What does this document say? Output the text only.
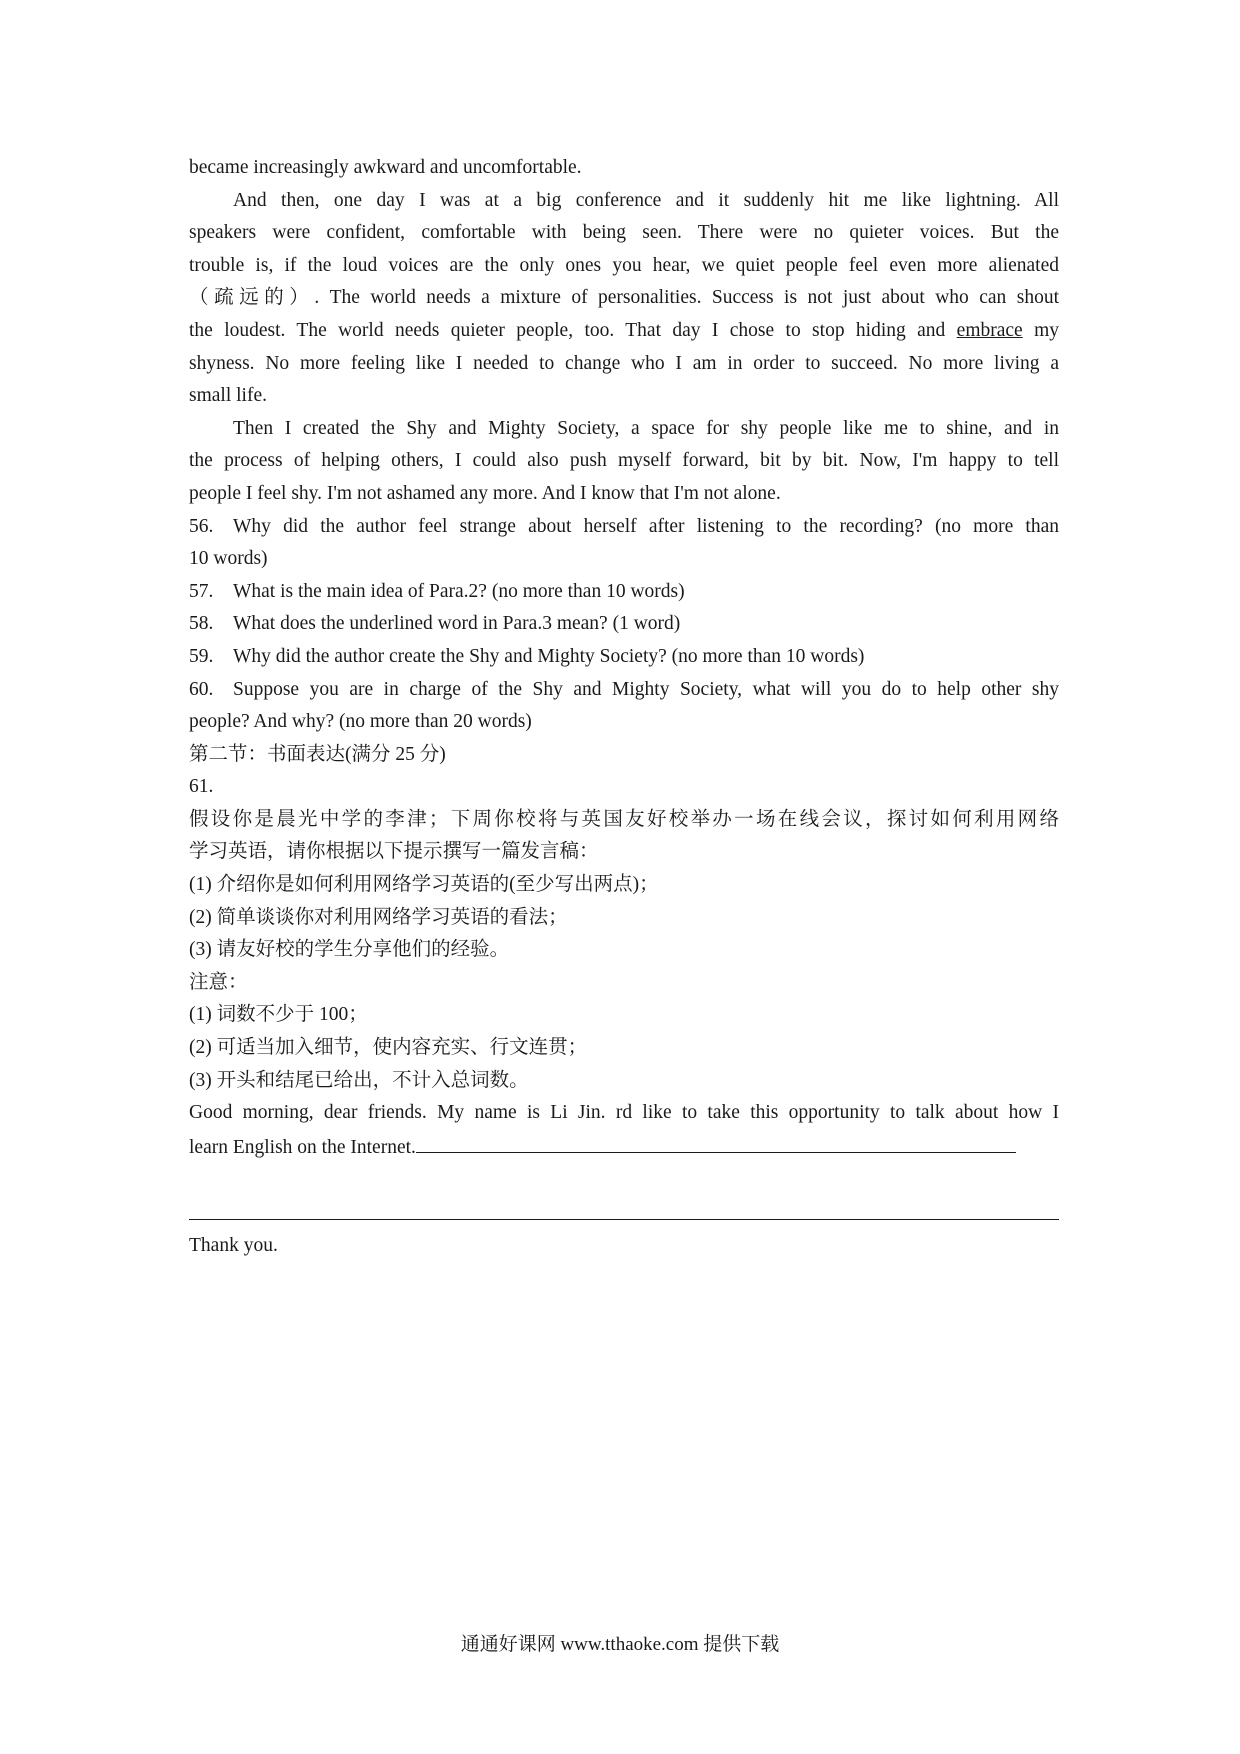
became increasingly awkward and uncomfortable.
And then, one day I was at a big conference and it suddenly hit me like lightning. All
speakers were confident, comfortable with being seen. There were no quieter voices. But the
trouble is, if the loud voices are the only ones you hear, we quiet people feel even more alienated
（疏远的）. The world needs a mixture of personalities. Success is not just about who can shout
the loudest. The world needs quieter people, too. That day I chose to stop hiding and embrace my
shyness. No more feeling like I needed to change who I am in order to succeed. No more living a
small life.
Then I created the Shy and Mighty Society, a space for shy people like me to shine, and in
the process of helping others, I could also push myself forward, bit by bit. Now, I'm happy to tell
people I feel shy. I'm not ashamed any more. And I know that I'm not alone.
56. Why did the author feel strange about herself after listening to the recording? (no more than
10 words)
57. What is the main idea of Para.2? (no more than 10 words)
58. What does the underlined word in Para.3 mean? (1 word)
59. Why did the author create the Shy and Mighty Society? (no more than 10 words)
60. Suppose you are in charge of the Shy and Mighty Society, what will you do to help other shy
people? And why? (no more than 20 words)
第二节：书面表达(满分 25 分)
61.
假设你是晨光中学的李津；下周你校将与英国友好校举办一场在线会议，探讨如何利用网络
学习英语，请你根据以下提示撰写一篇发言稿：
(1) 介绍你是如何利用网络学习英语的(至少写出两点)；
(2) 简单谈谈你对利用网络学习英语的看法；
(3) 请友好校的学生分享他们的经验。
注意：
(1) 词数不少于 100；
(2) 可适当加入细节，使内容充实、行文连贯；
(3) 开头和结尾已给出，不计入总词数。
Good morning, dear friends. My name is Li Jin. rd like to take this opportunity to talk about how I
learn English on the Internet.
Thank you.
通通好课网 www.tthaoke.com 提供下载
